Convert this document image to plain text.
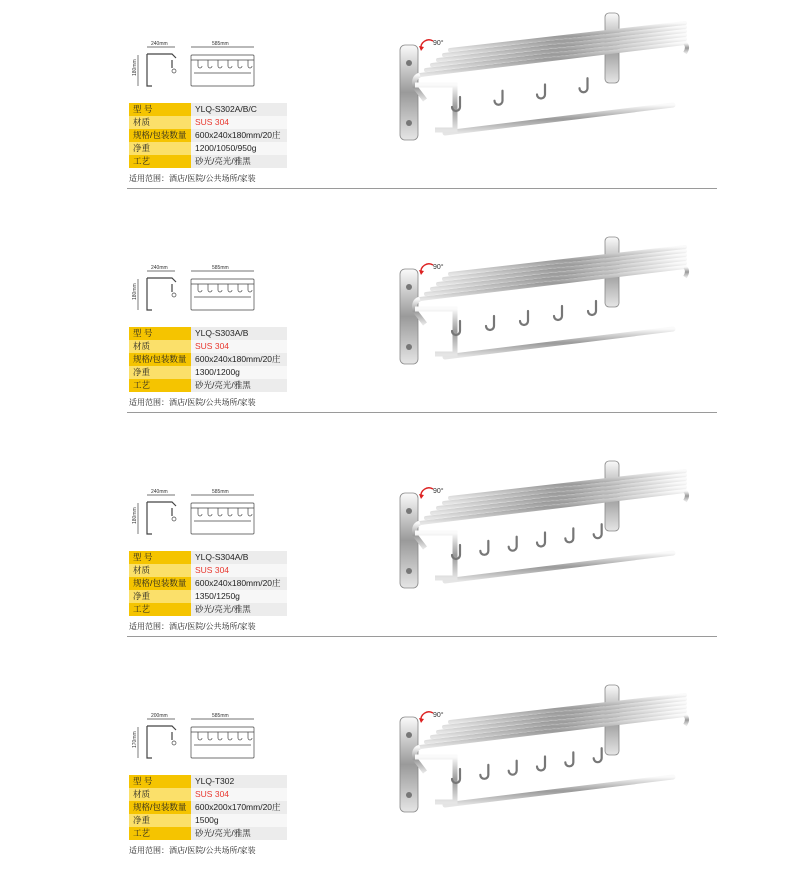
240mm	585mm
180mm
型 号	YLQ-S302A/B/C
材质	SUS 304
规格/包装数量	600x240x180mm/20庄
净重	1200/1050/950g
工艺	砂光/亮光/雅黑
适用范围：酒店/医院/公共场所/家装
90°
240mm	585mm
180mm
型 号	YLQ-S303A/B
材质	SUS 304
规格/包装数量	600x240x180mm/20庄
净重	1300/1200g
工艺	砂光/亮光/雅黑
适用范围：酒店/医院/公共场所/家装
90°
240mm	585mm
180mm
型 号	YLQ-S304A/B
材质	SUS 304
规格/包装数量	600x240x180mm/20庄
净重	1350/1250g
工艺	砂光/亮光/雅黑
适用范围：酒店/医院/公共场所/家装
90°
200mm	585mm
170mm
型 号	YLQ-T302
材质	SUS 304
规格/包装数量	600x200x170mm/20庄
净重	1500g
工艺	砂光/亮光/雅黑
适用范围：酒店/医院/公共场所/家装
90°
